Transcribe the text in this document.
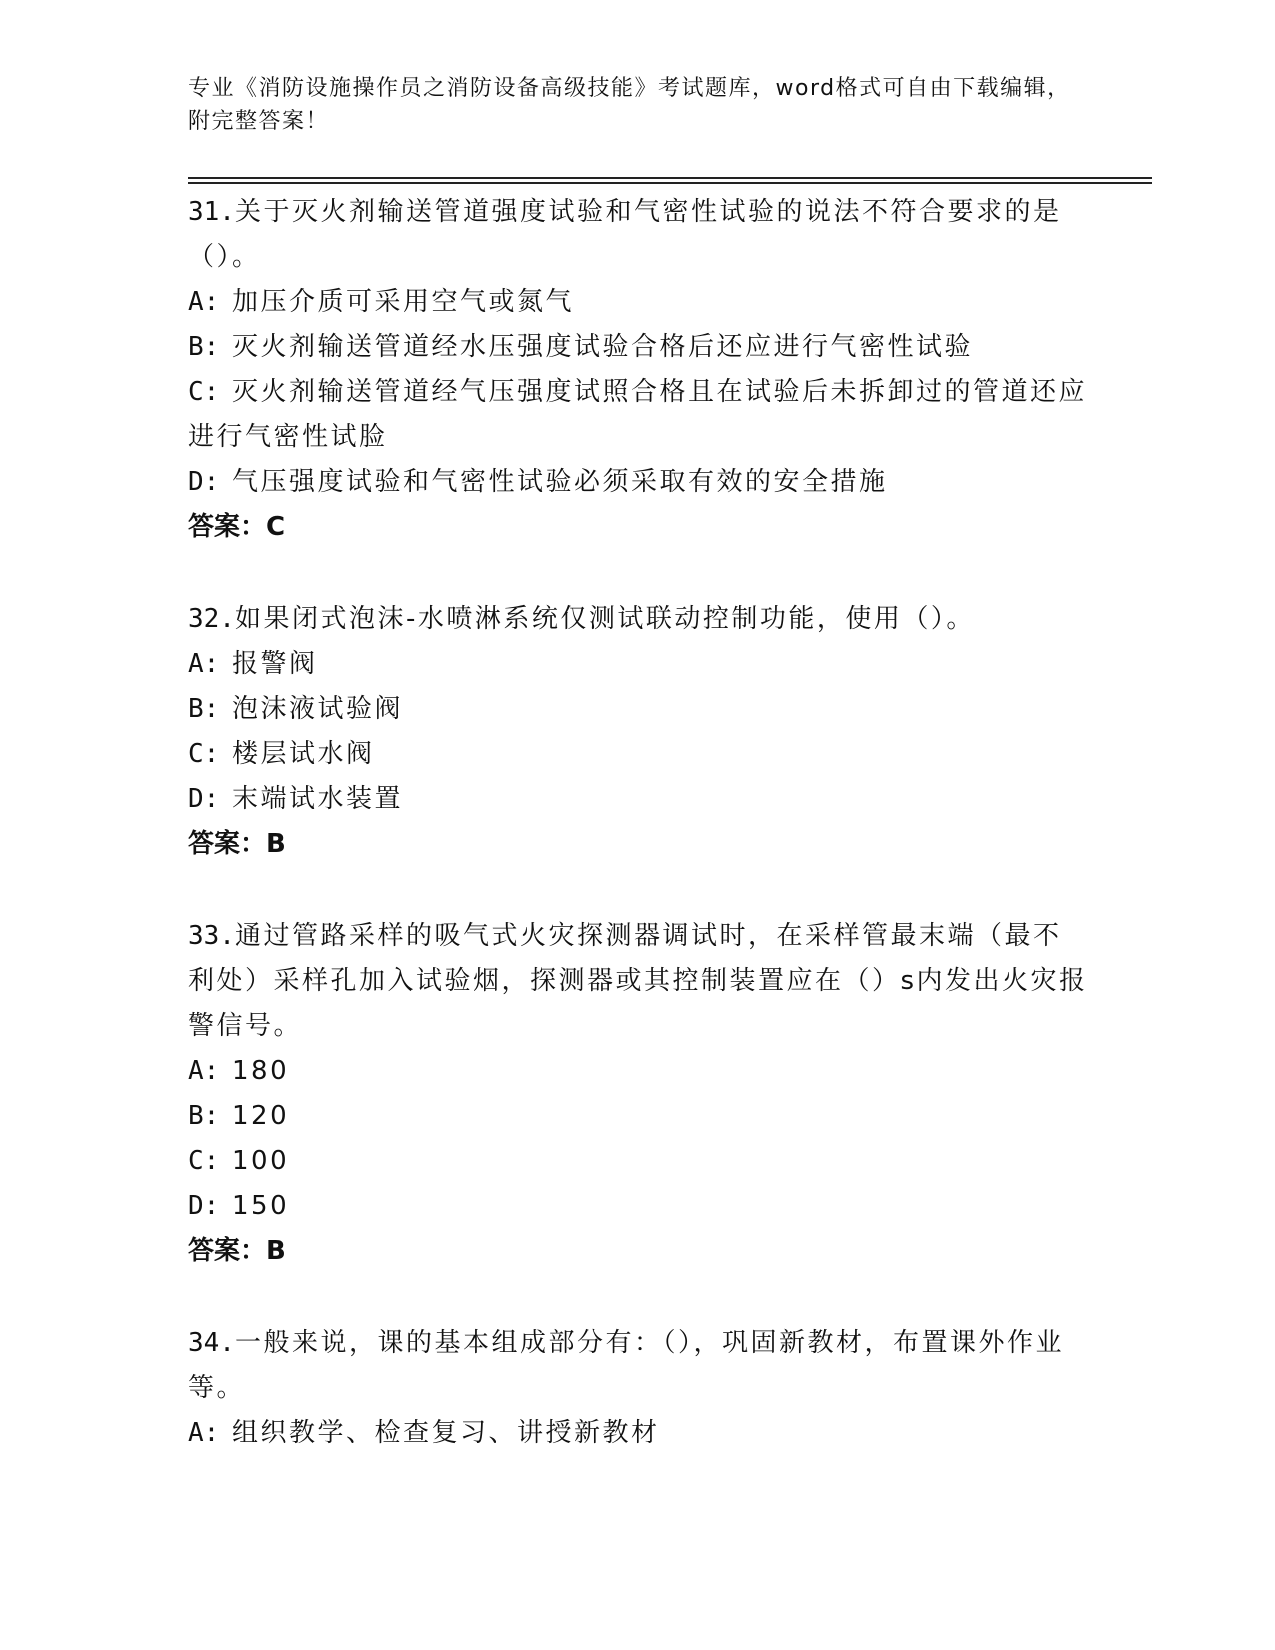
专业《消防设施操作员之消防设备高级技能》考试题库，word格式可自由下载编辑，附完整答案！

31.关于灭火剂输送管道强度试验和气密性试验的说法不符合要求的是（）。

A: 加压介质可采用空气或氮气

B: 灭火剂输送管道经水压强度试验合格后还应进行气密性试验

C: 灭火剂输送管道经气压强度试照合格且在试验后未拆卸过的管道还应进行气密性试脸

D: 气压强度试验和气密性试验必须采取有效的安全措施

答案：C

32.如果闭式泡沫-水喷淋系统仅测试联动控制功能，使用（）。

A: 报警阀

B: 泡沫液试验阀

C: 楼层试水阀

D: 末端试水装置

答案：B

33.通过管路采样的吸气式火灾探测器调试时，在采样管最末端（最不利处）采样孔加入试验烟，探测器或其控制装置应在（）s内发出火灾报警信号。

A: 180

B: 120

C: 100

D: 150

答案：B

34.一般来说，课的基本组成部分有：（），巩固新教材，布置课外作业等。

A: 组织教学、检查复习、讲授新教材
